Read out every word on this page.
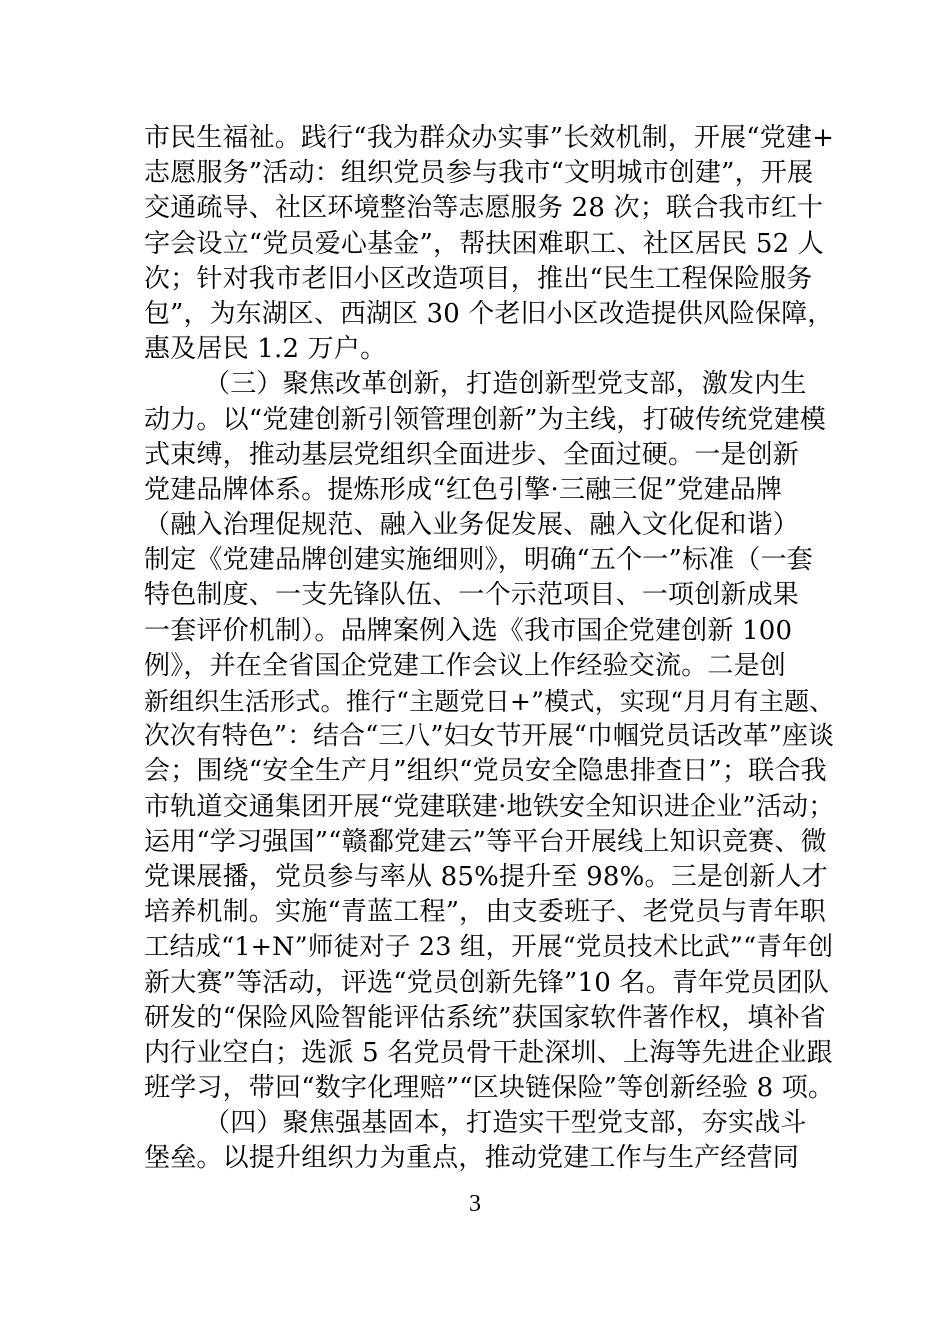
市民生福祉。践行“我为群众办实事”长效机制，开展“党建+
志愿服务”活动：组织党员参与我市“文明城市创建”，开展
交通疏导、社区环境整治等志愿服务 28 次；联合我市红十
字会设立“党员爱心基金”，帮扶困难职工、社区居民 52 人
次；针对我市老旧小区改造项目，推出“民生工程保险服务
包”，为东湖区、西湖区 30 个老旧小区改造提供风险保障，
惠及居民 1.2 万户。
（三）聚焦改革创新，打造创新型党支部，激发内生
动力。以“党建创新引领管理创新”为主线，打破传统党建模
式束缚，推动基层党组织全面进步、全面过硬。一是创新
党建品牌体系。提炼形成“红色引擎·三融三促”党建品牌
（融入治理促规范、融入业务促发展、融入文化促和谐）
制定《党建品牌创建实施细则》，明确“五个一”标准（一套
特色制度、一支先锋队伍、一个示范项目、一项创新成果
一套评价机制）。品牌案例入选《我市国企党建创新 100
例》，并在全省国企党建工作会议上作经验交流。二是创
新组织生活形式。推行“主题党日+”模式，实现“月月有主题、
次次有特色”：结合“三八”妇女节开展“巾帼党员话改革”座谈
会；围绕“安全生产月”组织“党员安全隐患排查日”；联合我
市轨道交通集团开展“党建联建·地铁安全知识进企业”活动；
运用“学习强国”“赣鄱党建云”等平台开展线上知识竞赛、微
党课展播，党员参与率从 85%提升至 98%。三是创新人才
培养机制。实施“青蓝工程”，由支委班子、老党员与青年职
工结成“1+N”师徒对子 23 组，开展“党员技术比武”“青年创
新大赛”等活动，评选“党员创新先锋”10 名。青年党员团队
研发的“保险风险智能评估系统”获国家软件著作权，填补省
内行业空白；选派 5 名党员骨干赴深圳、上海等先进企业跟
班学习，带回“数字化理赔”“区块链保险”等创新经验 8 项。
（四）聚焦强基固本，打造实干型党支部，夯实战斗
堡垒。以提升组织力为重点，推动党建工作与生产经营同
3
